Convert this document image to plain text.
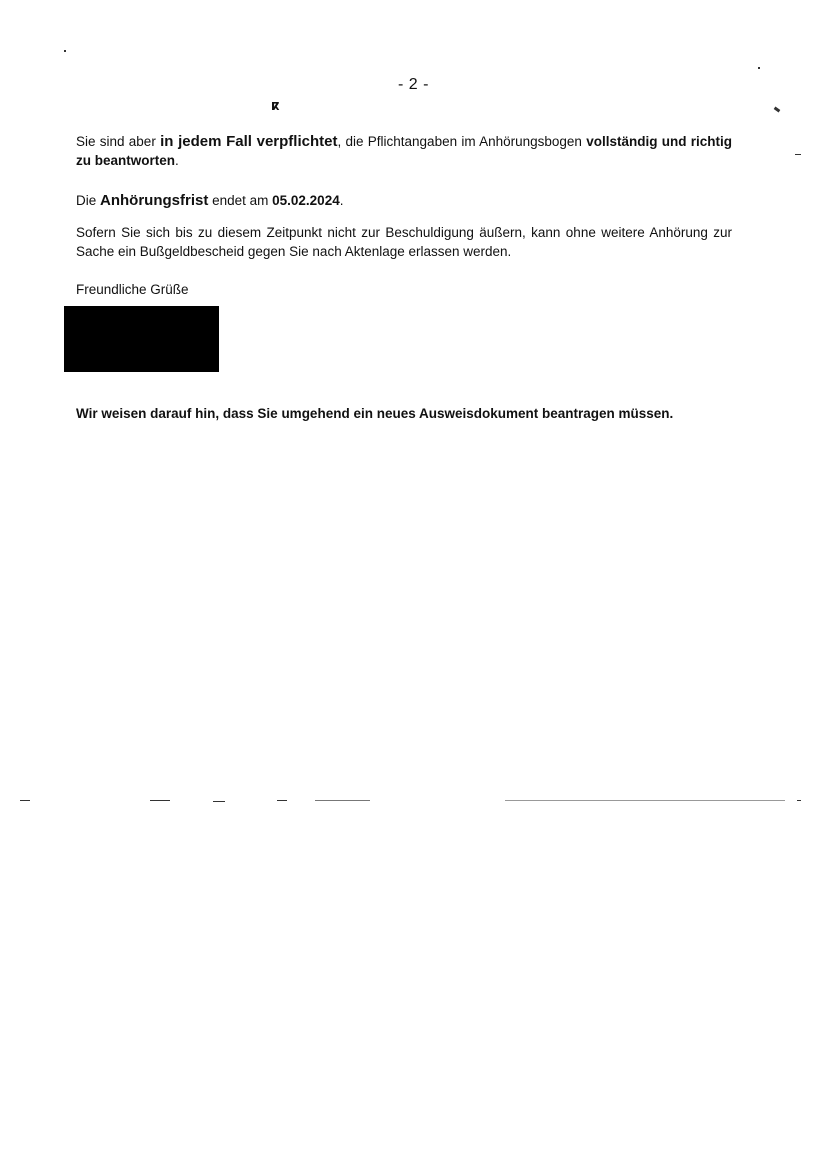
- 2 -
ⴽ
Sie sind aber in jedem Fall verpflichtet, die Pflichtangaben im Anhörungsbogen vollständig und richtig zu beantworten.
Die Anhörungsfrist endet am 05.02.2024.
Sofern Sie sich bis zu diesem Zeitpunkt nicht zur Beschuldigung äußern, kann ohne weitere Anhörung zur Sache ein Bußgeldbescheid gegen Sie nach Aktenlage erlassen werden.
Freundliche Grüße
Wir weisen darauf hin, dass Sie umgehend ein neues Ausweisdokument beantragen müssen.
